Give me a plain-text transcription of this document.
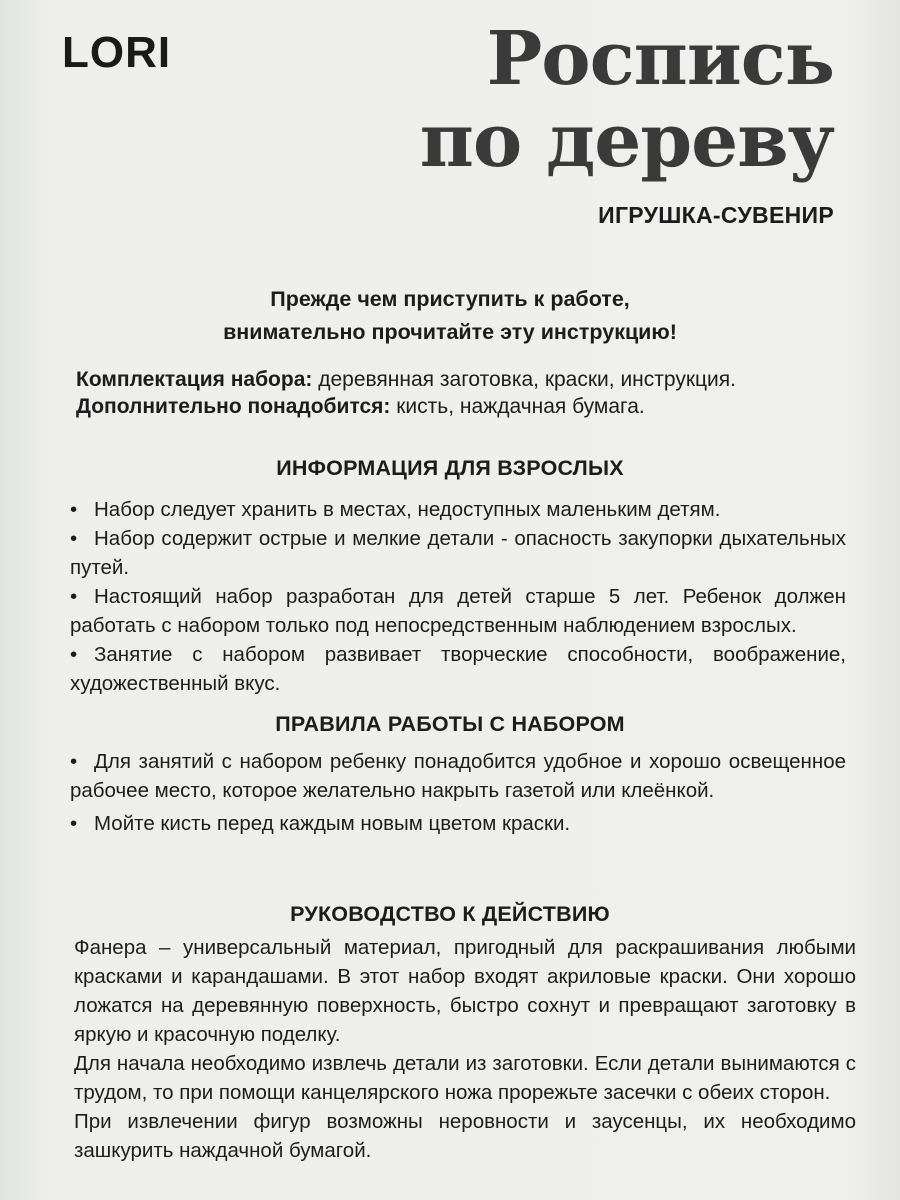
LORI	Роспись
по дереву
ИГРУШКА-СУВЕНИР
Прежде чем приступить к работе,
внимательно прочитайте эту инструкцию!
Комплектация набора: деревянная заготовка, краски, инструкция.
Дополнительно понадобится: кисть, наждачная бумага.
ИНФОРМАЦИЯ ДЛЯ ВЗРОСЛЫХ
• Набор следует хранить в местах, недоступных маленьким детям.
• Набор содержит острые и мелкие детали - опасность закупорки дыхательных путей.
• Настоящий набор разработан для детей старше 5 лет. Ребенок должен работать с набором только под непосредственным наблюдением взрослых.
• Занятие с набором развивает творческие способности, воображение, художественный вкус.
ПРАВИЛА РАБОТЫ С НАБОРОМ
• Для занятий с набором ребенку понадобится удобное и хорошо освещенное рабочее место, которое желательно накрыть газетой или клеёнкой.
• Мойте кисть перед каждым новым цветом краски.
РУКОВОДСТВО К ДЕЙСТВИЮ

Фанера – универсальный материал, пригодный для раскрашивания любыми красками и карандашами. В этот набор входят акриловые краски. Они хорошо ложатся на деревянную поверхность, быстро сохнут и превращают заготовку в яркую и красочную поделку.

Для начала необходимо извлечь детали из заготовки. Если детали вынимаются с трудом, то при помощи канцелярского ножа прорежьте засечки с обеих сторон.

При извлечении фигур возможны неровности и заусенцы, их необходимо зашкурить наждачной бумагой.
